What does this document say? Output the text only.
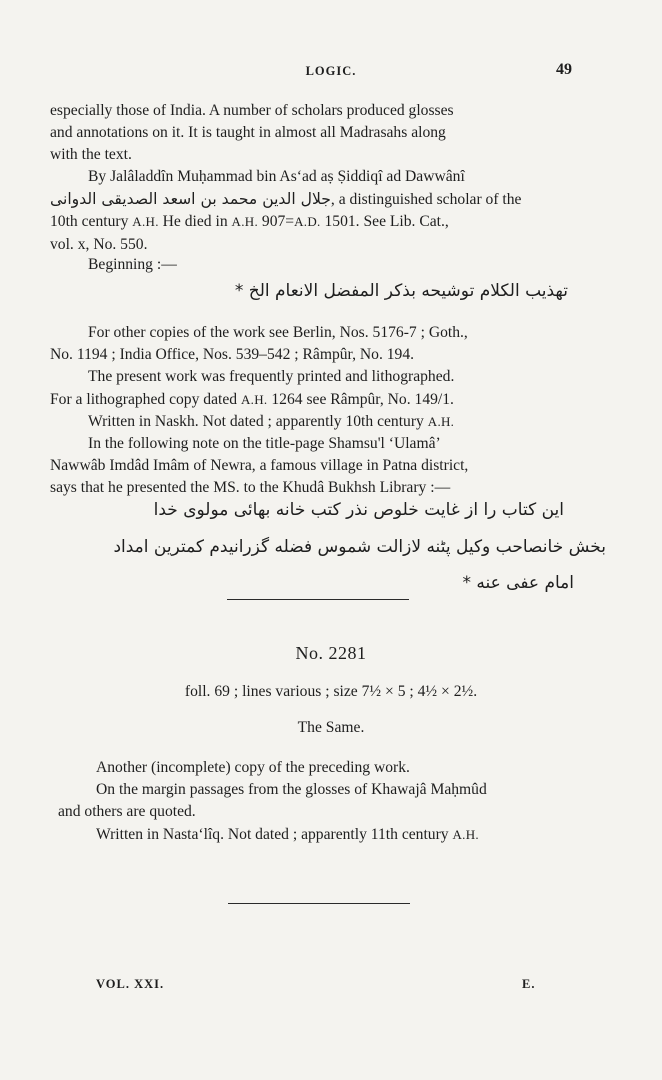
LOGIC.	49

especially those of India. A number of scholars produced glosses

and annotations on it. It is taught in almost all Madrasahs along

with the text.

By Jalâladdîn Muḥammad bin As‘ad aṣ Ṣiddiqî ad Dawwânî

جلال الدين محمد بن اسعد الصديقى الدوانى, a distinguished scholar of the

10th century A.H. He died in A.H. 907=A.D. 1501. See Lib. Cat.,

vol. x, No. 550.

Beginning :—

تهذيب الكلام توشيحه بذكر المفضل الانعام الخ *

For other copies of the work see Berlin, Nos. 5176-7 ; Goth.,

No. 1194 ; India Office, Nos. 539–542 ; Râmpûr, No. 194.

The present work was frequently printed and lithographed.

For a lithographed copy dated A.H. 1264 see Râmpûr, No. 149/1.

Written in Naskh. Not dated ; apparently 10th century A.H.

In the following note on the title-page Shamsu'l ‘Ulamâ’

Nawwâb Imdâd Imâm of Newra, a famous village in Patna district,

says that he presented the MS. to the Khudâ Bukhsh Library :—

این کتاب را از غایت خلوص نذر کتب خانه بهائی مولوی خدا
بخش خانصاحب وکیل پٹنه لازالت شموس فضله گزرانیدم کمترین امداد
امام عفی عنه *
No. 2281
foll. 69 ; lines various ; size 7½ × 5 ; 4½ × 2½.
The Same.

Another (incomplete) copy of the preceding work.

On the margin passages from the glosses of Khawajâ Maḥmûd

and others are quoted.

Written in Nasta‘lîq. Not dated ; apparently 11th century A.H.

VOL. XXI.	E.
